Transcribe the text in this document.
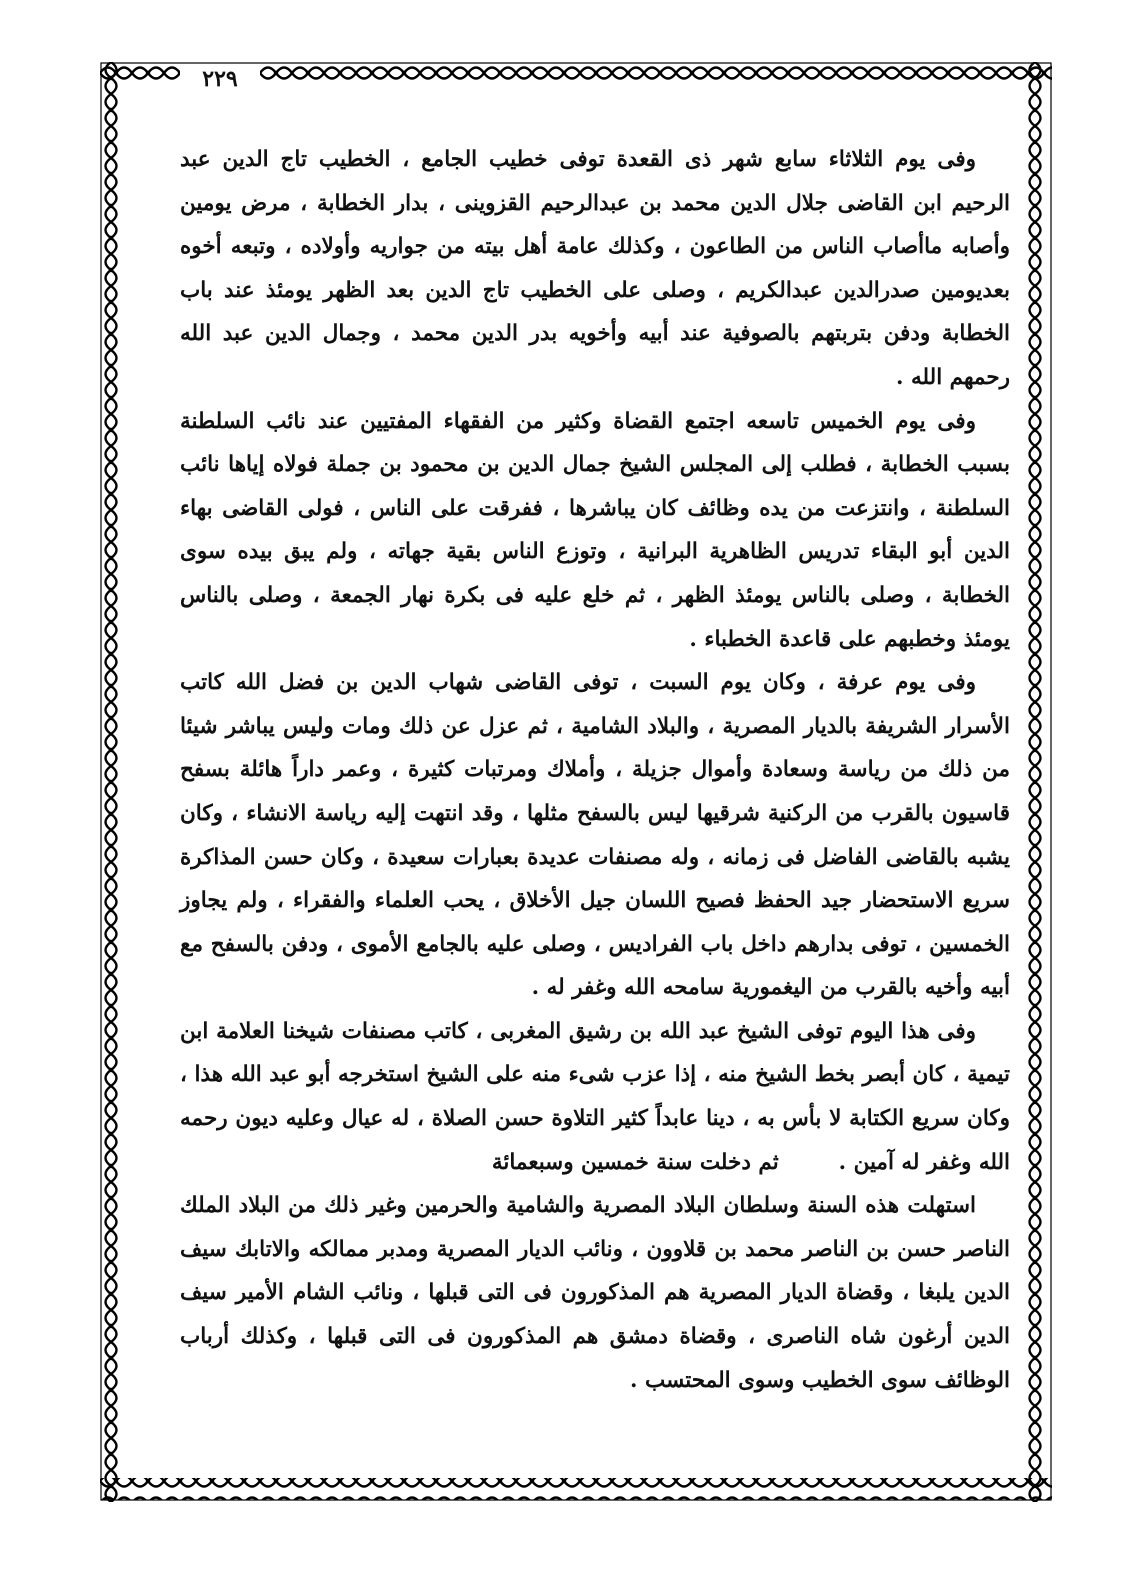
٢٢٩

وفى يوم الثلاثاء سابع شهر ذى القعدة توفى خطيب الجامع ، الخطيب تاج الدين عبد الرحيم ابن القاضى جلال الدين محمد بن عبدالرحيم القزوينى ، بدار الخطابة ، مرض يومين وأصابه ماأصاب الناس من الطاعون ، وكذلك عامة أهل بيته من جواريه وأولاده ، وتبعه أخوه بعديومين صدرالدين عبدالكريم ، وصلى على الخطيب تاج الدين بعد الظهر يومئذ عند باب الخطابة ودفن بتربتهم بالصوفية عند أبيه وأخويه بدر الدين محمد ، وجمال الدين عبد الله رحمهم الله .

وفى يوم الخميس تاسعه اجتمع القضاة وكثير من الفقهاء المفتيين عند نائب السلطنة بسبب الخطابة ، فطلب إلى المجلس الشيخ جمال الدين بن محمود بن جملة فولاه إياها نائب السلطنة ، وانتزعت من يده وظائف كان يباشرها ، ففرقت على الناس ، فولى القاضى بهاء الدين أبو البقاء تدريس الظاهرية البرانية ، وتوزع الناس بقية جهاته ، ولم يبق بيده سوى الخطابة ، وصلى بالناس يومئذ الظهر ، ثم خلع عليه فى بكرة نهار الجمعة ، وصلى بالناس يومئذ وخطبهم على قاعدة الخطباء .

وفى يوم عرفة ، وكان يوم السبت ، توفى القاضى شهاب الدين بن فضل الله كاتب الأسرار الشريفة بالديار المصرية ، والبلاد الشامية ، ثم عزل عن ذلك ومات وليس يباشر شيئا من ذلك من رياسة وسعادة وأموال جزيلة ، وأملاك ومرتبات كثيرة ، وعمر داراً هائلة بسفح قاسيون بالقرب من الركنية شرقيها ليس بالسفح مثلها ، وقد انتهت إليه رياسة الانشاء ، وكان يشبه بالقاضى الفاضل فى زمانه ، وله مصنفات عديدة بعبارات سعيدة ، وكان حسن المذاكرة سريع الاستحضار جيد الحفظ فصيح اللسان جيل الأخلاق ، يحب العلماء والفقراء ، ولم يجاوز الخمسين ، توفى بدارهم داخل باب الفراديس ، وصلى عليه بالجامع الأموى ، ودفن بالسفح مع أبيه وأخيه بالقرب من اليغمورية سامحه الله وغفر له .

وفى هذا اليوم توفى الشيخ عبد الله بن رشيق المغربى ، كاتب مصنفات شيخنا العلامة ابن تيمية ، كان أبصر بخط الشيخ منه ، إذا عزب شىء منه على الشيخ استخرجه أبو عبد الله هذا ، وكان سريع الكتابة لا بأس به ، دينا عابداً كثير التلاوة حسن الصلاة ، له عيال وعليه ديون رحمه الله وغفر له آمين .        ثم دخلت سنة خمسين وسبعمائة

استهلت هذه السنة وسلطان البلاد المصرية والشامية والحرمين وغير ذلك من البلاد الملك الناصر حسن بن الناصر محمد بن قلاوون ، ونائب الديار المصرية ومدبر ممالكه والاتابك سيف الدين يلبغا ، وقضاة الديار المصرية هم المذكورون فى التى قبلها ، ونائب الشام الأمير سيف الدين أرغون شاه الناصرى ، وقضاة دمشق هم المذكورون فى التى قبلها ، وكذلك أرباب الوظائف سوى الخطيب وسوى المحتسب .
